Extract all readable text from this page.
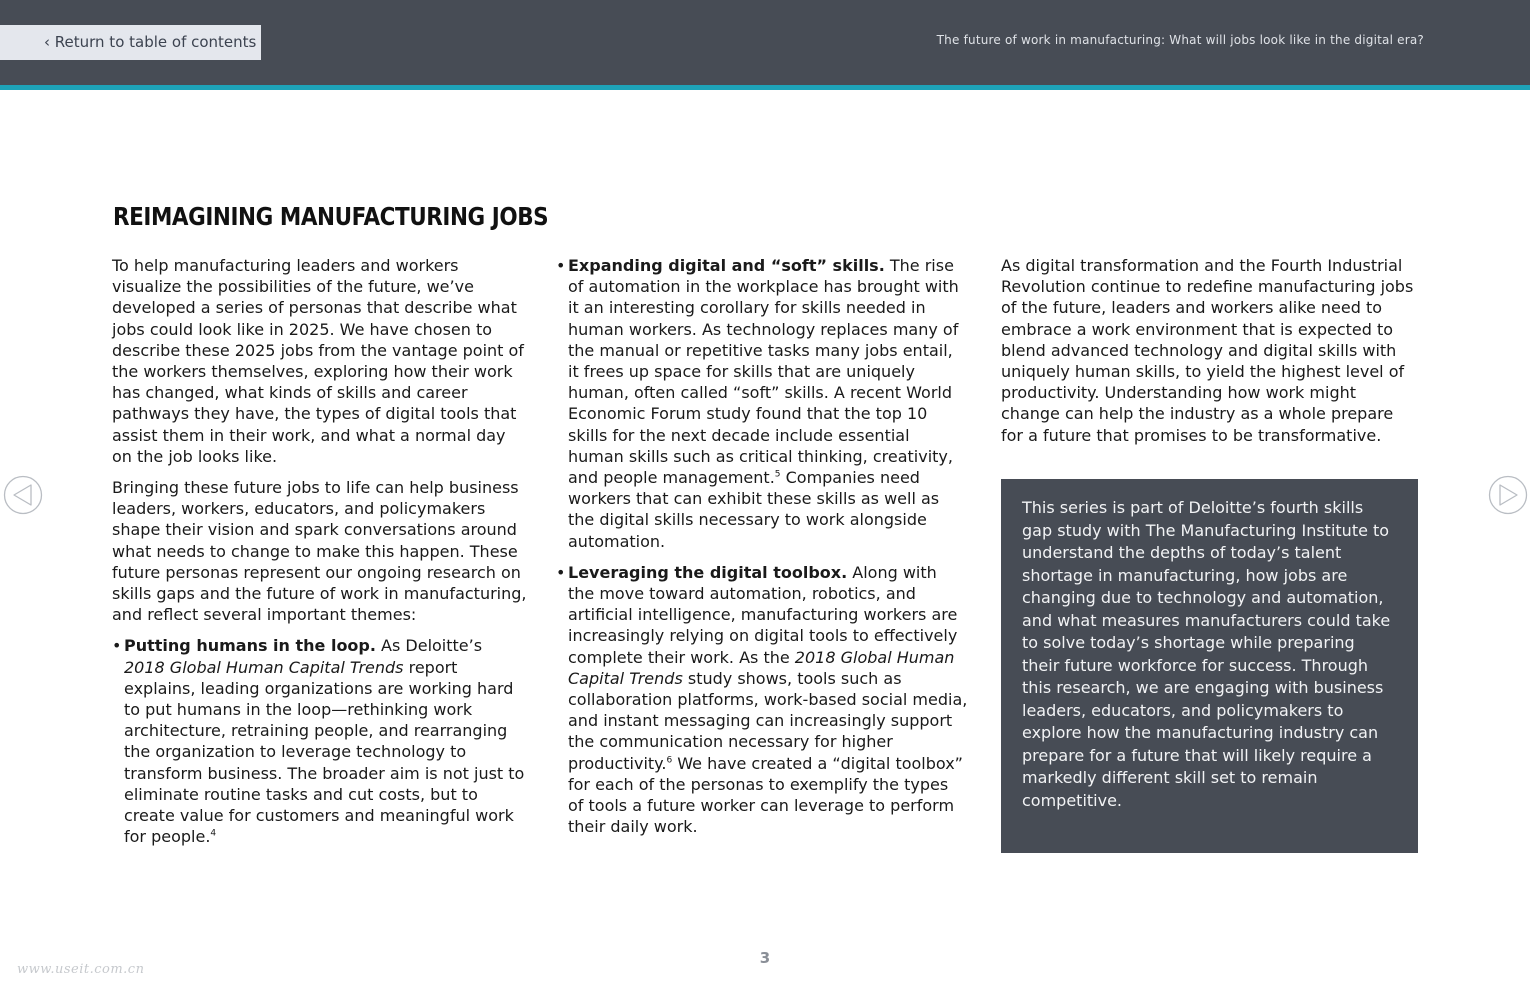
‹ Return to table of contents	The future of work in manufacturing: What will jobs look like in the digital era?
REIMAGINING MANUFACTURING JOBS

To help manufacturing leaders and workers visualize the possibilities of the future, we’ve developed a series of personas that describe what jobs could look like in 2025. We have chosen to describe these 2025 jobs from the vantage point of the workers themselves, exploring how their work has changed, what kinds of skills and career pathways they have, the types of digital tools that assist them in their work, and what a normal day on the job looks like.

Bringing these future jobs to life can help business leaders, workers, educators, and policymakers shape their vision and spark conversations around what needs to change to make this happen. These future personas represent our ongoing research on skills gaps and the future of work in manufacturing, and reflect several important themes:

• Putting humans in the loop. As Deloitte’s 2018 Global Human Capital Trends report explains, leading organizations are working hard to put humans in the loop—rethinking work architecture, retraining people, and rearranging the organization to leverage technology to transform business. The broader aim is not just to eliminate routine tasks and cut costs, but to create value for customers and meaningful work for people.$^4$
• Expanding digital and “soft” skills. The rise of automation in the workplace has brought with it an interesting corollary for skills needed in human workers. As technology replaces many of the manual or repetitive tasks many jobs entail, it frees up space for skills that are uniquely human, often called “soft” skills. A recent World Economic Forum study found that the top 10 skills for the next decade include essential human skills such as critical thinking, creativity, and people management.$^5$ Companies need workers that can exhibit these skills as well as the digital skills necessary to work alongside automation.
• Leveraging the digital toolbox. Along with the move toward automation, robotics, and artificial intelligence, manufacturing workers are increasingly relying on digital tools to effectively complete their work. As the 2018 Global Human Capital Trends study shows, tools such as collaboration platforms, work-based social media, and instant messaging can increasingly support the communication necessary for higher productivity.$^6$ We have created a “digital toolbox” for each of the personas to exemplify the types of tools a future worker can leverage to perform their daily work.

As digital transformation and the Fourth Industrial Revolution continue to redefine manufacturing jobs of the future, leaders and workers alike need to embrace a work environment that is expected to blend advanced technology and digital skills with uniquely human skills, to yield the highest level of productivity. Understanding how work might change can help the industry as a whole prepare for a future that promises to be transformative.

This series is part of Deloitte’s fourth skills gap study with The Manufacturing Institute to understand the depths of today’s talent shortage in manufacturing, how jobs are changing due to technology and automation, and what measures manufacturers could take to solve today’s shortage while preparing their future workforce for success. Through this research, we are engaging with business leaders, educators, and policymakers to explore how the manufacturing industry can prepare for a future that will likely require a markedly different skill set to remain competitive.

3
www.useit.com.cn
